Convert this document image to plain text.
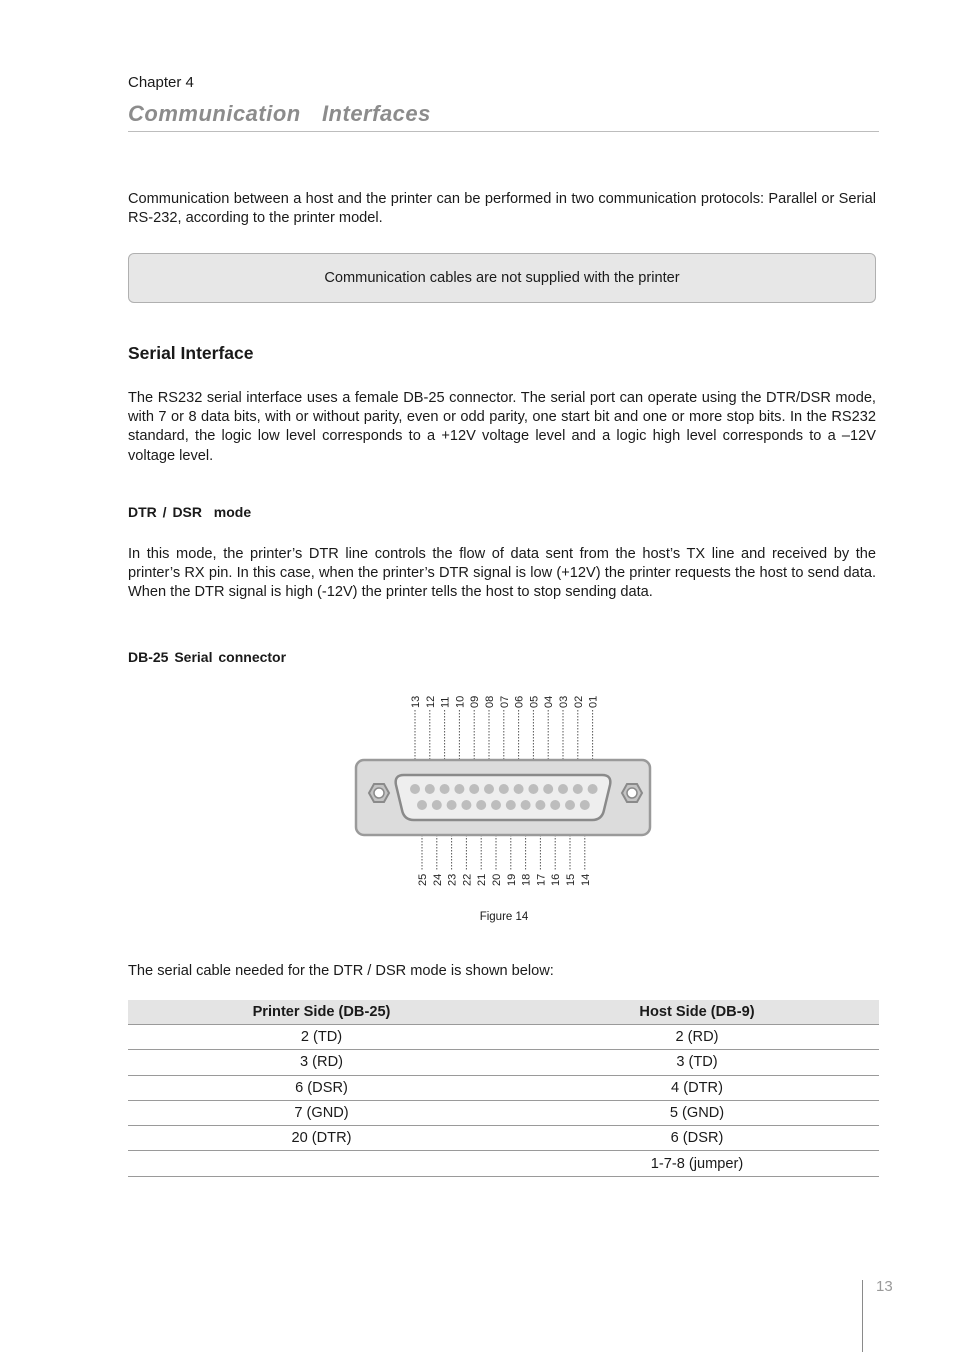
Chapter 4
Communication  Interfaces
Communication between a host and the printer can be performed in two communication protocols: Parallel or Serial RS-232, according to the printer model.
Communication cables are not supplied with the printer
Serial Interface
The RS232 serial interface uses a female DB-25 connector. The serial port can operate using the DTR/DSR mode, with 7 or 8 data bits, with or without parity, even or odd parity, one start bit and one or more stop bits. In the RS232 standard, the logic low level corresponds to a +12V voltage level and a logic high level corresponds to a –12V voltage level.
DTR / DSR  mode
In this mode, the printer’s DTR line controls the flow of data sent from the host’s TX line and received by the printer’s RX pin. In this case, when the printer’s DTR signal is low (+12V) the printer requests the host to send data. When the DTR signal is high (-12V) the printer tells the host to stop sending data.
DB-25 Serial connector
13 12 11 10 09 08 07 06 05 04 03 02 01
25 24 23 22 21 20 19 18 17 16 15 14
Figure 14
The serial cable needed for the DTR / DSR mode is shown below:
Printer Side (DB-25)	Host Side (DB-9)
2 (TD)	2 (RD)
3 (RD)	3 (TD)
6 (DSR)	4 (DTR)
7 (GND)	5 (GND)
20 (DTR)	6 (DSR)
	1-7-8 (jumper)
13
